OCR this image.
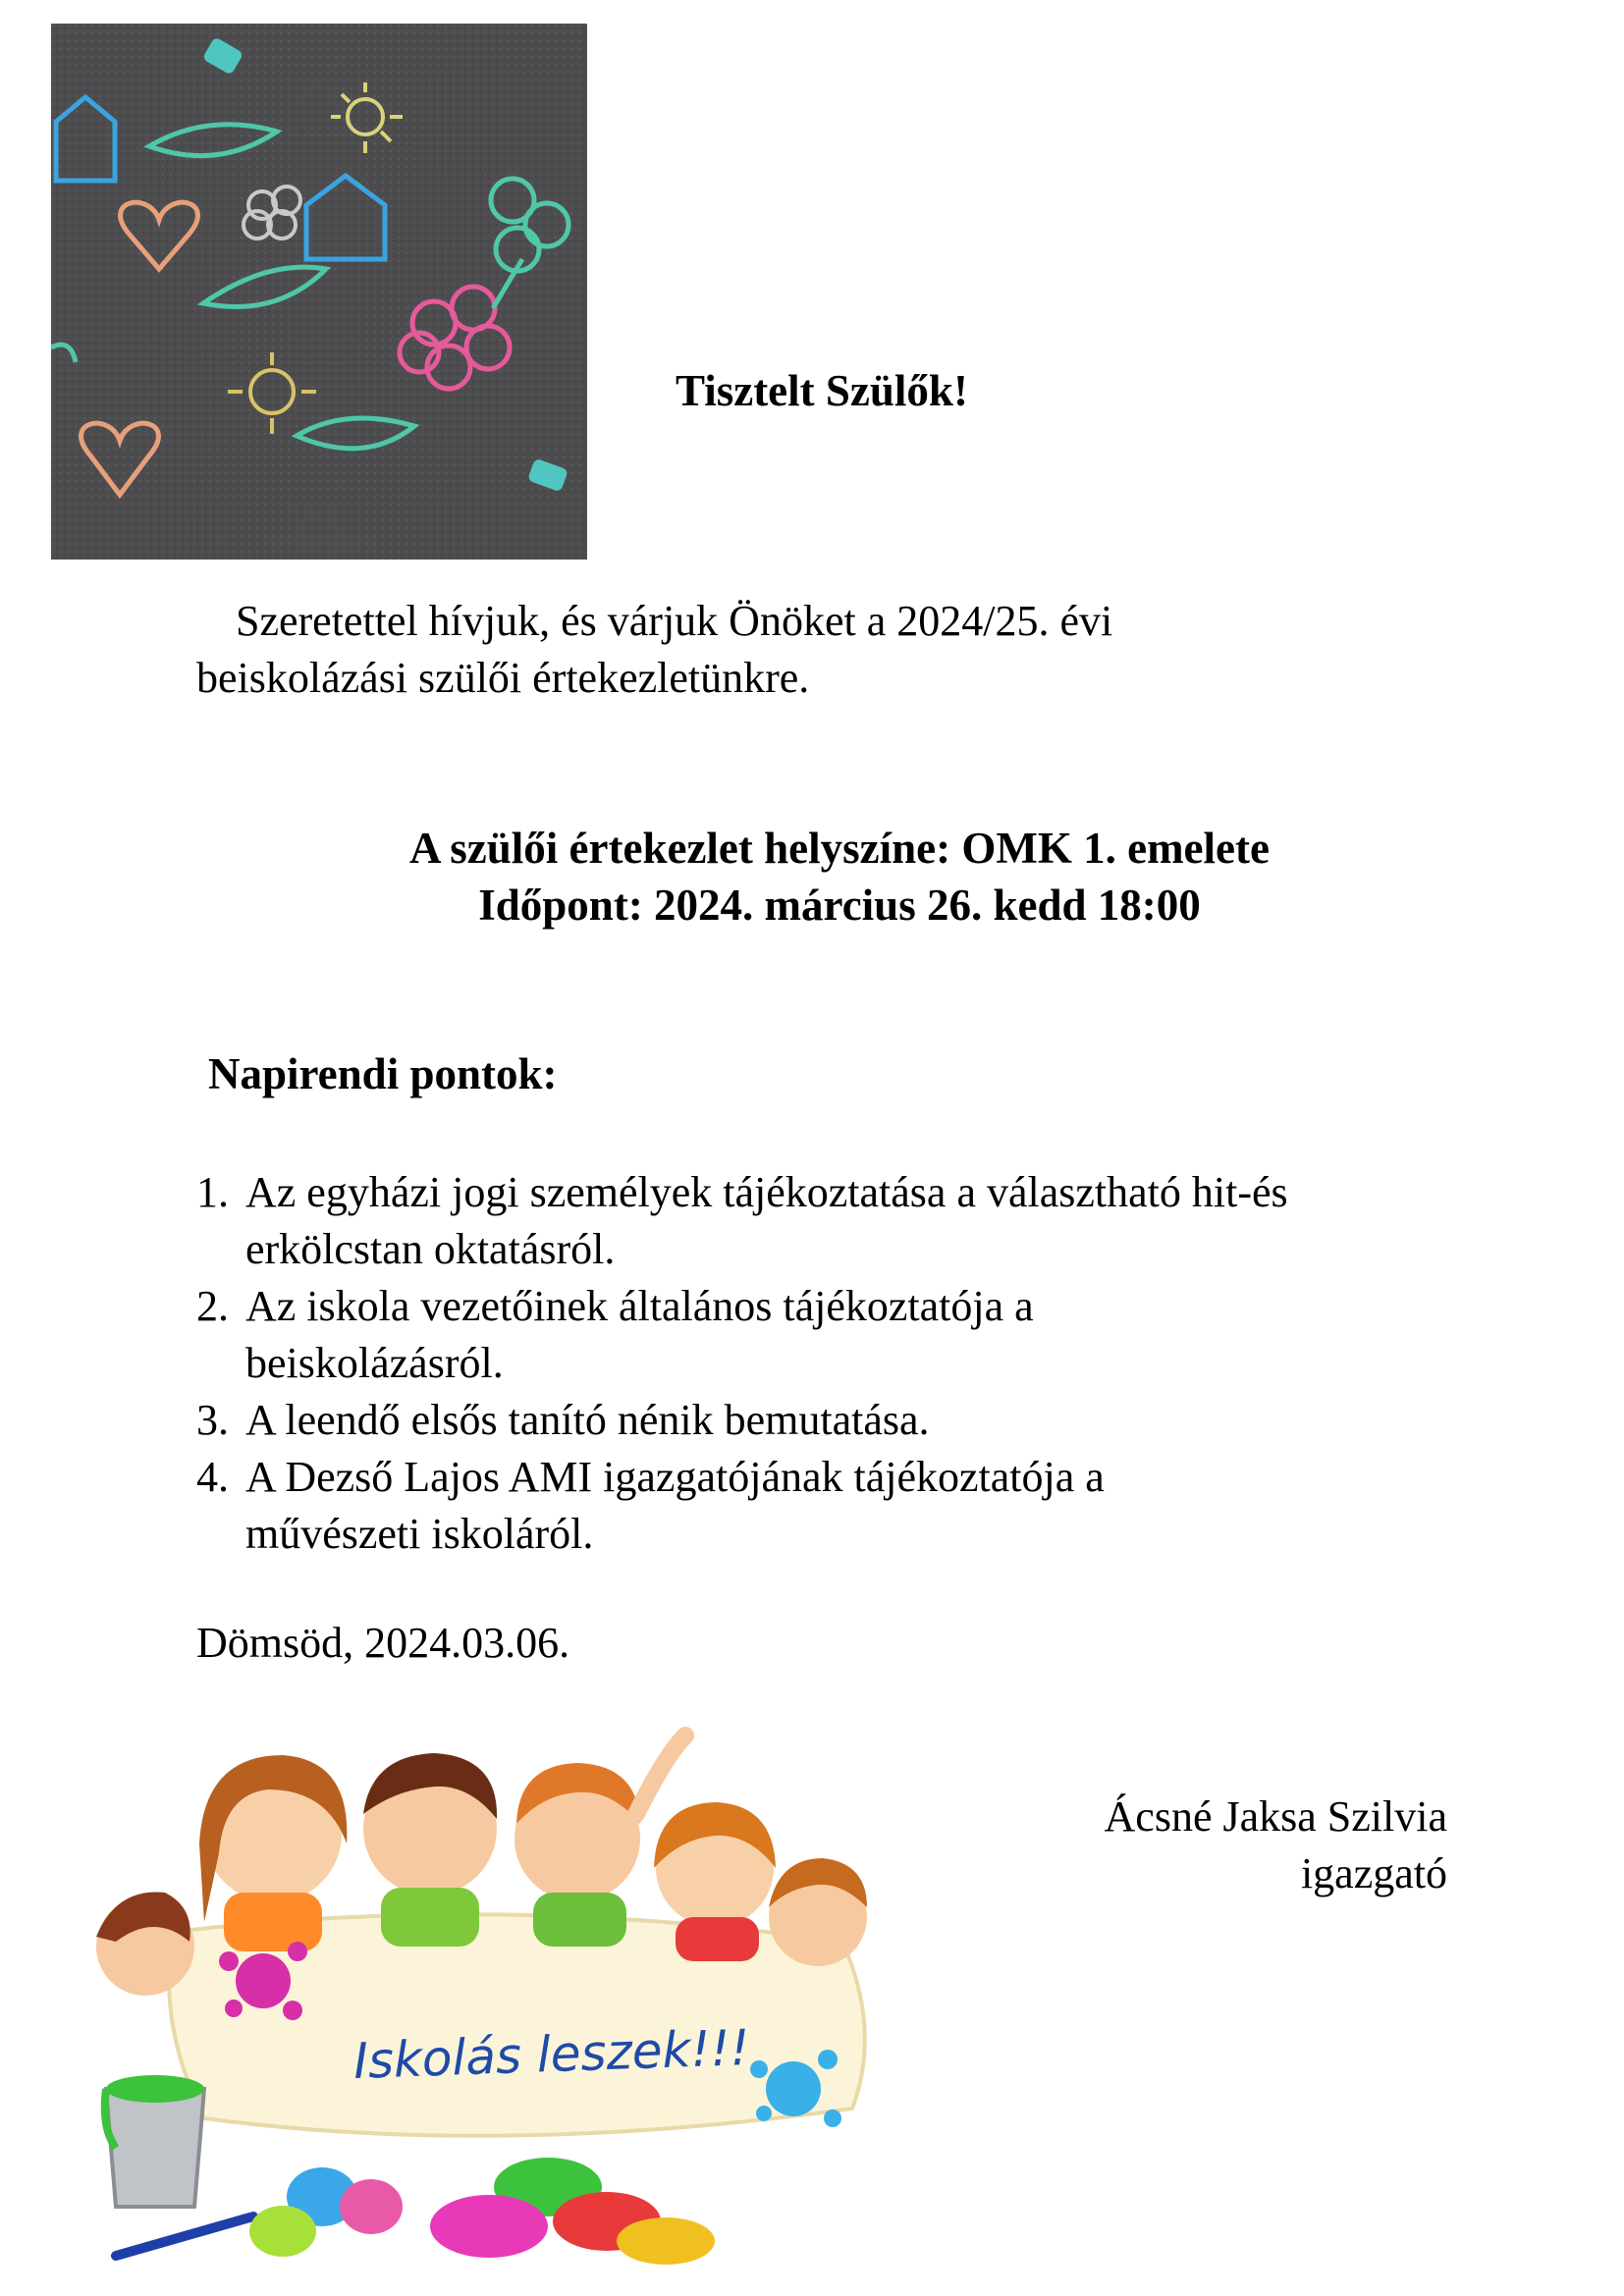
Tisztelt Szülők!
Szeretettel hívjuk, és várjuk Önöket a 2024/25. évi
beiskolázási szülői értekezletünkre.
A szülői értekezlet helyszíne: OMK 1. emelete
Időpont: 2024. március 26. kedd 18:00
Napirendi pontok:
1. Az egyházi jogi személyek tájékoztatása a választható hit-és
erkölcstan oktatásról.
2. Az iskola vezetőinek általános tájékoztatója a
beiskolázásról.
3. A leendő elsős tanító nénik bemutatása.
4. A Dezső Lajos AMI igazgatójának tájékoztatója a
művészeti iskoláról.
Dömsöd, 2024.03.06.
Ácsné Jaksa Szilvia
igazgató
Iskolás leszek!!!
